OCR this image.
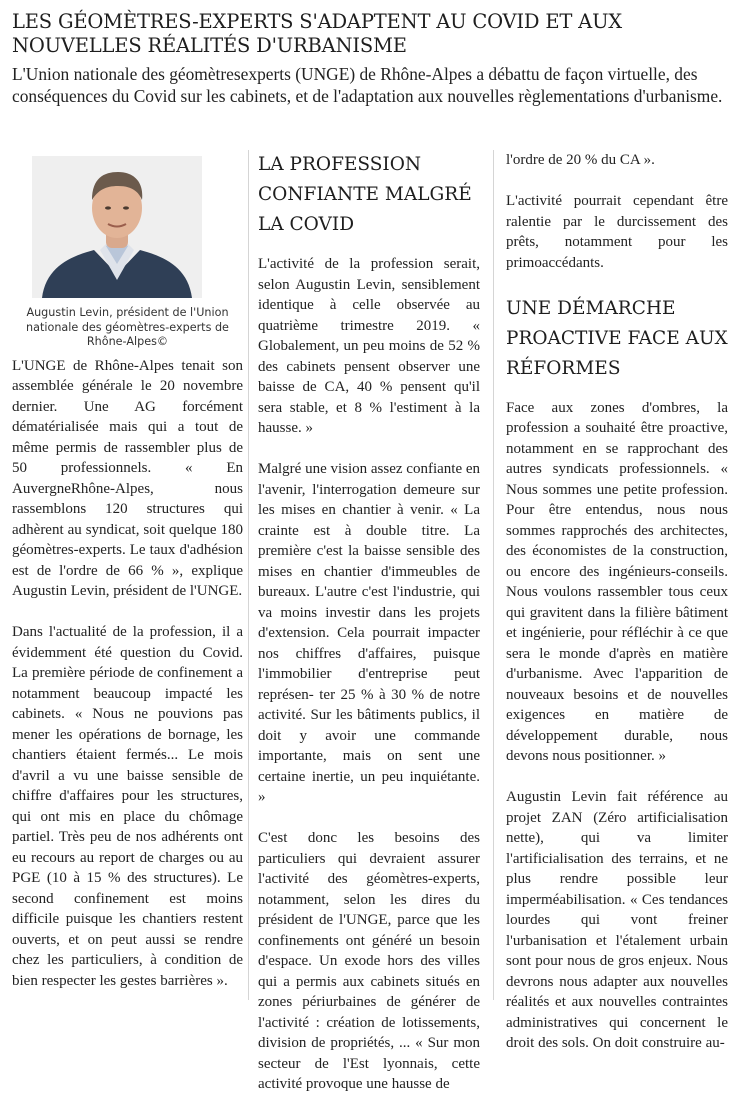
LES GÉOMÈTRES-EXPERTS S'ADAPTENT AU COVID ET AUX NOUVELLES RÉALITÉS D'URBANISME

L'Union nationale des géomètresexperts (UNGE) de Rhône-Alpes a débattu de façon virtuelle, des conséquences du Covid sur les cabinets, et de l'adaptation aux nouvelles règlementations d'urbanisme.

Augustin Levin, président de l'Union nationale des géomètres-experts de Rhône-Alpes©

L'UNGE de Rhône-Alpes tenait son assemblée générale le 20 novembre dernier. Une AG forcément dématérialisée mais qui a tout de même permis de rassembler plus de 50 professionnels. « En AuvergneRhône-Alpes, nous rassemblons 120 structures qui adhèrent au syndicat, soit quelque 180 géomètres-experts. Le taux d'adhésion est de l'ordre de 66 % », explique Augustin Levin, président de l'UNGE.

Dans l'actualité de la profession, il a évidemment été question du Covid. La première période de confinement a notamment beaucoup impacté les cabinets. « Nous ne pouvions pas mener les opérations de bornage, les chantiers étaient fermés... Le mois d'avril a vu une baisse sensible de chiffre d'affaires pour les structures, qui ont mis en place du chômage partiel. Très peu de nos adhérents ont eu recours au report de charges ou au PGE (10 à 15 % des structures). Le second confinement est moins difficile puisque les chantiers restent ouverts, et on peut aussi se rendre chez les particuliers, à condition de bien respecter les gestes barrières ».

LA PROFESSION CONFIANTE MALGRÉ LA COVID

L'activité de la profession serait, selon Augustin Levin, sensiblement identique à celle observée au quatrième trimestre 2019. « Globalement, un peu moins de 52 % des cabinets pensent observer une baisse de CA, 40 % pensent qu'il sera stable, et 8 % l'estiment à la hausse. »

Malgré une vision assez confiante en l'avenir, l'interrogation demeure sur les mises en chantier à venir. « La crainte est à double titre. La première c'est la baisse sensible des mises en chantier d'immeubles de bureaux. L'autre c'est l'industrie, qui va moins investir dans les projets d'extension. Cela pourrait impacter nos chiffres d'affaires, puisque l'immobilier d'entreprise peut représen- ter 25 % à 30 % de notre activité. Sur les bâtiments publics, il doit y avoir une commande importante, mais on sent une certaine inertie, un peu inquiétante. »

C'est donc les besoins des particuliers qui devraient assurer l'activité des géomètres-experts, notamment, selon les dires du président de l'UNGE, parce que les confinements ont généré un besoin d'espace. Un exode hors des villes qui a permis aux cabinets situés en zones périurbaines de générer de l'activité : création de lotissements, division de propriétés, ... « Sur mon secteur de l'Est lyonnais, cette activité provoque une hausse de

l'ordre de 20 % du CA ».

L'activité pourrait cependant être ralentie par le durcissement des prêts, notamment pour les primoaccédants.

UNE DÉMARCHE PROACTIVE FACE AUX RÉFORMES

Face aux zones d'ombres, la profession a souhaité être proactive, notamment en se rapprochant des autres syndicats professionnels. « Nous sommes une petite profession. Pour être entendus, nous nous sommes rapprochés des architectes, des économistes de la construction, ou encore des ingénieurs-conseils. Nous voulons rassembler tous ceux qui gravitent dans la filière bâtiment et ingénierie, pour réfléchir à ce que sera le monde d'après en matière d'urbanisme. Avec l'apparition de nouveaux besoins et de nouvelles exigences en matière de développement durable, nous devons nous positionner. »

Augustin Levin fait référence au projet ZAN (Zéro artificialisation nette), qui va limiter l'artificialisation des terrains, et ne plus rendre possible leur imperméabilisation. « Ces tendances lourdes qui vont freiner l'urbanisation et l'étalement urbain sont pour nous de gros enjeux. Nous devrons nous adapter aux nouvelles réalités et aux nouvelles contraintes administratives qui concernent le droit des sols. On doit construire au-
